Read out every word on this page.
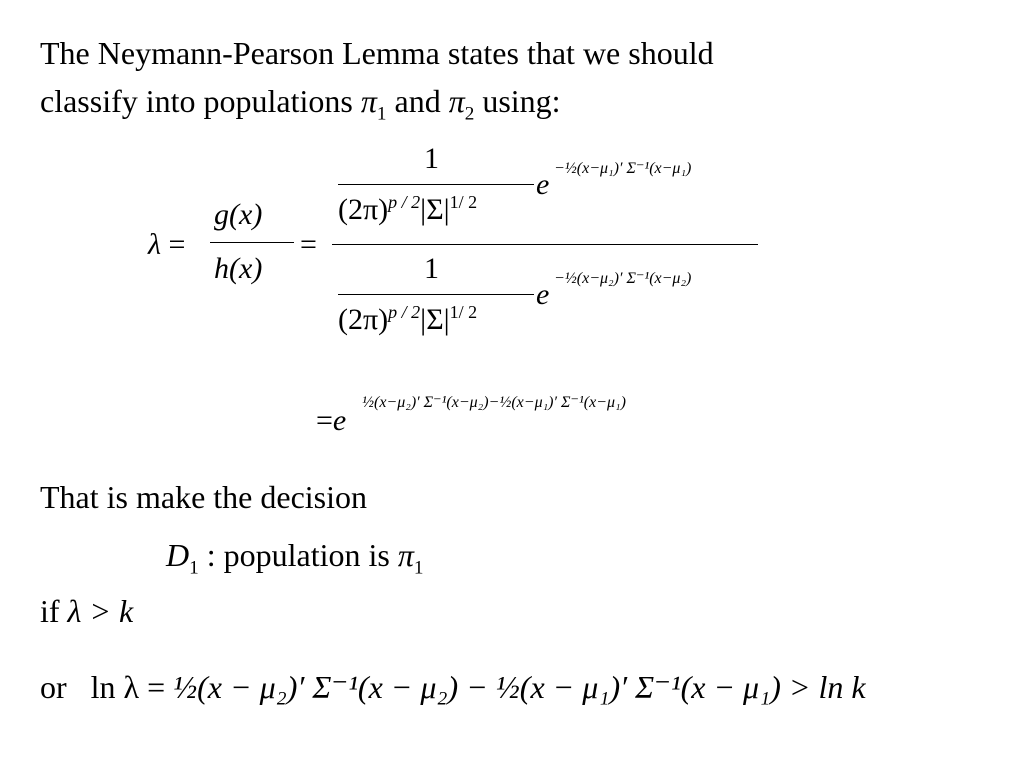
The Neymann-Pearson Lemma states that we should
classify into populations $\pi_1$ and $\pi_2$ using:
λ =
g(x)
h(x)
=
1
$(2\pi)^{p / 2}|\Sigma|^{1/ 2}$
e −½(x−μ₁)′ Σ⁻¹(x−μ₁)
1
$(2\pi)^{p / 2}|\Sigma|^{1/ 2}$
e −½(x−μ₂)′ Σ⁻¹(x−μ₂)
=e
½(x−μ₂)′ Σ⁻¹(x−μ₂)−½(x−μ₁)′ Σ⁻¹(x−μ₁)
That is make the decision
$D_1$ : population is $\pi_1$
if λ > k
or ln λ = ½(x − μ₂)′ Σ⁻¹(x − μ₂) − ½(x − μ₁)′ Σ⁻¹(x − μ₁) > ln k
